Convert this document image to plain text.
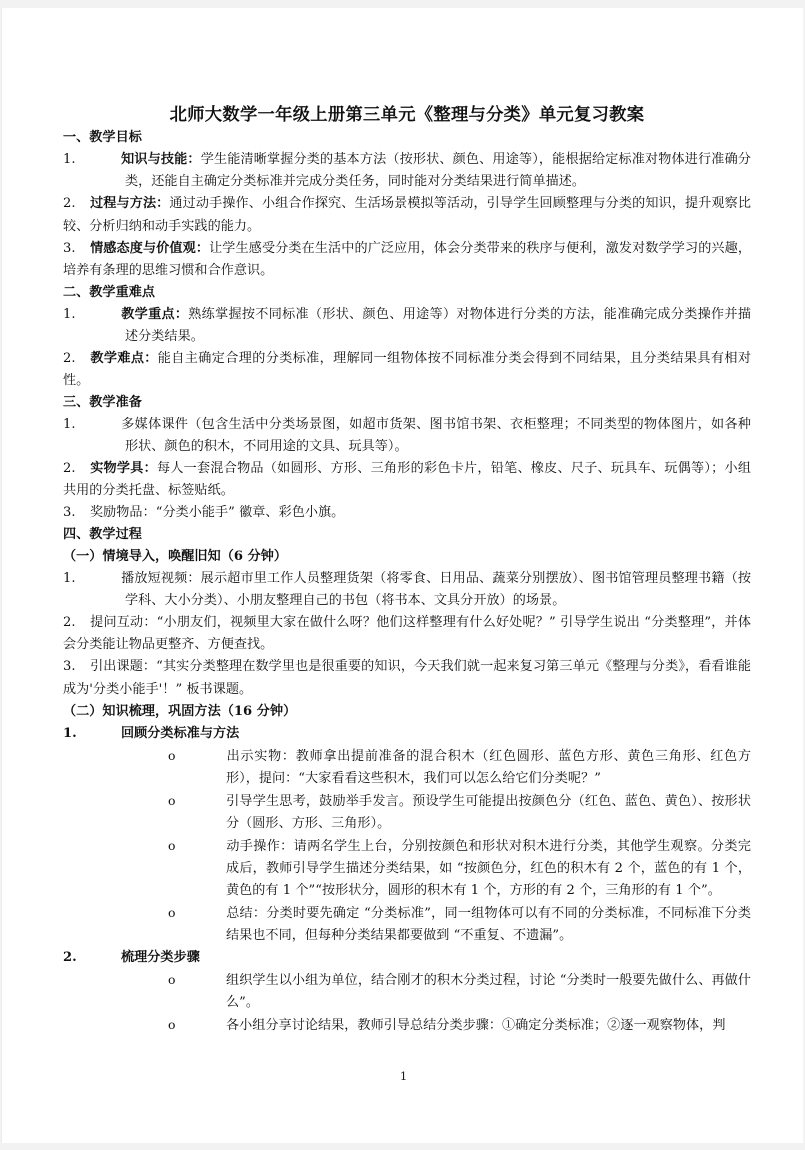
北师大数学一年级上册第三单元《整理与分类》单元复习教案

一、教学目标

1.	知识与技能：学生能清晰掌握分类的基本方法（按形状、颜色、用途等），能根据给定标准对物体进行准确分类，还能自主确定分类标准并完成分类任务，同时能对分类结果进行简单描述。

2. 过程与方法：通过动手操作、小组合作探究、生活场景模拟等活动，引导学生回顾整理与分类的知识，提升观察比较、分析归纳和动手实践的能力。

3. 情感态度与价值观：让学生感受分类在生活中的广泛应用，体会分类带来的秩序与便利，激发对数学学习的兴趣，培养有条理的思维习惯和合作意识。

二、教学重难点

1.	教学重点：熟练掌握按不同标准（形状、颜色、用途等）对物体进行分类的方法，能准确完成分类操作并描述分类结果。

2. 教学难点：能自主确定合理的分类标准，理解同一组物体按不同标准分类会得到不同结果，且分类结果具有相对性。

三、教学准备

1.	多媒体课件（包含生活中分类场景图，如超市货架、图书馆书架、衣柜整理；不同类型的物体图片，如各种形状、颜色的积木，不同用途的文具、玩具等）。

2. 实物学具：每人一套混合物品（如圆形、方形、三角形的彩色卡片，铅笔、橡皮、尺子、玩具车、玩偶等）；小组共用的分类托盘、标签贴纸。

3. 奖励物品：“分类小能手” 徽章、彩色小旗。

四、教学过程

（一）情境导入，唤醒旧知（6 分钟）

1.	播放短视频：展示超市里工作人员整理货架（将零食、日用品、蔬菜分别摆放）、图书馆管理员整理书籍（按学科、大小分类）、小朋友整理自己的书包（将书本、文具分开放）的场景。

2. 提问互动：“小朋友们，视频里大家在做什么呀？他们这样整理有什么好处呢？” 引导学生说出 “分类整理”，并体会分类能让物品更整齐、方便查找。

3. 引出课题：“其实分类整理在数学里也是很重要的知识，今天我们就一起来复习第三单元《整理与分类》，看看谁能成为'分类小能手'！” 板书课题。

（二）知识梳理，巩固方法（16 分钟）

1.	回顾分类标准与方法

o	出示实物：教师拿出提前准备的混合积木（红色圆形、蓝色方形、黄色三角形、红色方形），提问：“大家看看这些积木，我们可以怎么给它们分类呢？”

o	引导学生思考，鼓励举手发言。预设学生可能提出按颜色分（红色、蓝色、黄色）、按形状分（圆形、方形、三角形）。

o	动手操作：请两名学生上台，分别按颜色和形状对积木进行分类，其他学生观察。分类完成后，教师引导学生描述分类结果，如 “按颜色分，红色的积木有 2 个，蓝色的有 1 个，黄色的有 1 个”“按形状分，圆形的积木有 1 个，方形的有 2 个，三角形的有 1 个”。

o	总结：分类时要先确定 “分类标准”，同一组物体可以有不同的分类标准，不同标准下分类结果也不同，但每种分类结果都要做到 “不重复、不遗漏”。

2.	梳理分类步骤

o	组织学生以小组为单位，结合刚才的积木分类过程，讨论 “分类时一般要先做什么、再做什么”。

o	各小组分享讨论结果，教师引导总结分类步骤：①确定分类标准；②逐一观察物体，判

1
